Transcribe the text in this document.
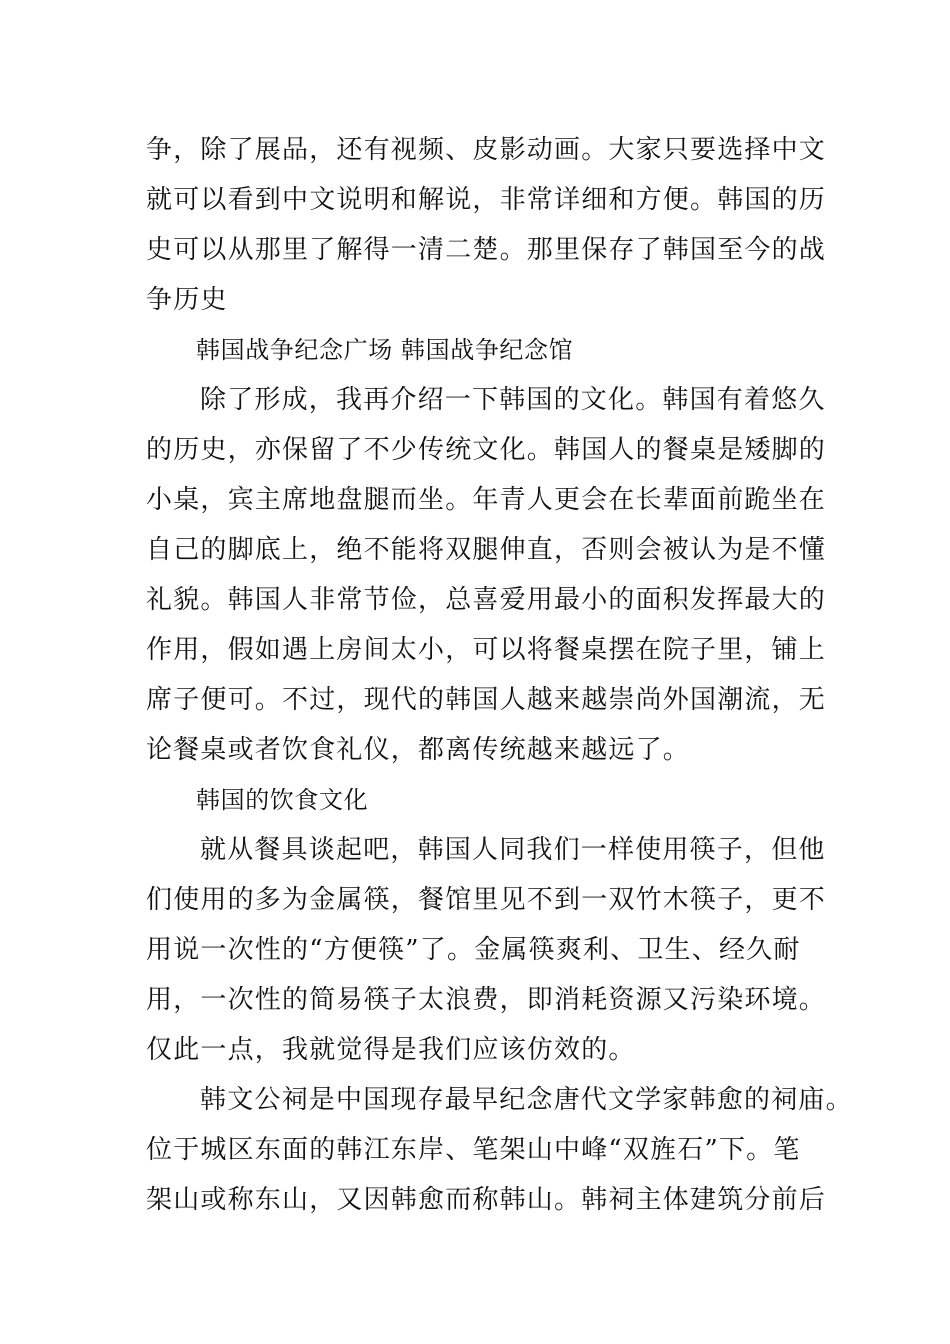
争，除了展品，还有视频、皮影动画。大家只要选择中文
就可以看到中文说明和解说，非常详细和方便。韩国的历
史可以从那里了解得一清二楚。那里保存了韩国至今的战
争历史
韩国战争纪念广场 韩国战争纪念馆
除了形成，我再介绍一下韩国的文化。韩国有着悠久
的历史，亦保留了不少传统文化。韩国人的餐桌是矮脚的
小桌，宾主席地盘腿而坐。年青人更会在长辈面前跪坐在
自己的脚底上，绝不能将双腿伸直，否则会被认为是不懂
礼貌。韩国人非常节俭，总喜爱用最小的面积发挥最大的
作用，假如遇上房间太小，可以将餐桌摆在院子里，铺上
席子便可。不过，现代的韩国人越来越崇尚外国潮流，无
论餐桌或者饮食礼仪，都离传统越来越远了。
韩国的饮食文化
就从餐具谈起吧，韩国人同我们一样使用筷子，但他
们使用的多为金属筷，餐馆里见不到一双竹木筷子，更不
用说一次性的“方便筷”了。金属筷爽利、卫生、经久耐
用，一次性的简易筷子太浪费，即消耗资源又污染环境。
仅此一点，我就觉得是我们应该仿效的。
韩文公祠是中国现存最早纪念唐代文学家韩愈的祠庙。
位于城区东面的韩江东岸、笔架山中峰“双旌石”下。笔
架山或称东山，又因韩愈而称韩山。韩祠主体建筑分前后
